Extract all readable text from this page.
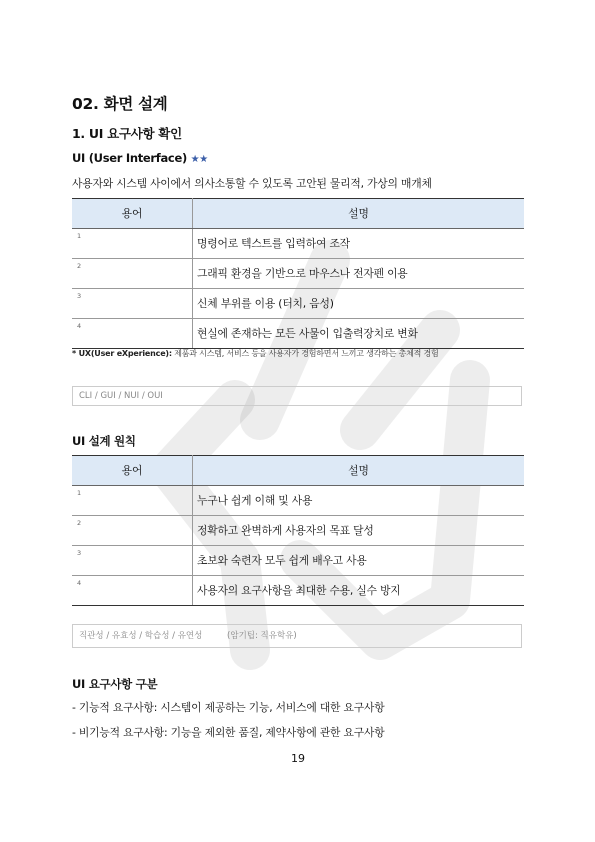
02. 화면 설계
1. UI 요구사항 확인
UI (User Interface) ★★
사용자와 시스템 사이에서 의사소통할 수 있도록 고안된 물리적, 가상의 매개체
용어	설명
1	명령어로 텍스트를 입력하여 조작
2	그래픽 환경을 기반으로 마우스나 전자펜 이용
3	신체 부위를 이용 (터치, 음성)
4	현실에 존재하는 모든 사물이 입출력장치로 변화
* UX(User eXperience): 제품과 시스템, 서비스 등을 사용자가 경험하면서 느끼고 생각하는 총체적 경험
CLI / GUI / NUI / OUI
UI 설계 원칙
용어	설명
1	누구나 쉽게 이해 및 사용
2	정확하고 완벽하게 사용자의 목표 달성
3	초보와 숙련자 모두 쉽게 배우고 사용
4	사용자의 요구사항을 최대한 수용, 실수 방지
직관성 / 유효성 / 학습성 / 유연성	(암기팁: 직유학유)
UI 요구사항 구분
- 기능적 요구사항: 시스템이 제공하는 기능, 서비스에 대한 요구사항
- 비기능적 요구사항: 기능을 제외한 품질, 제약사항에 관한 요구사항
19
